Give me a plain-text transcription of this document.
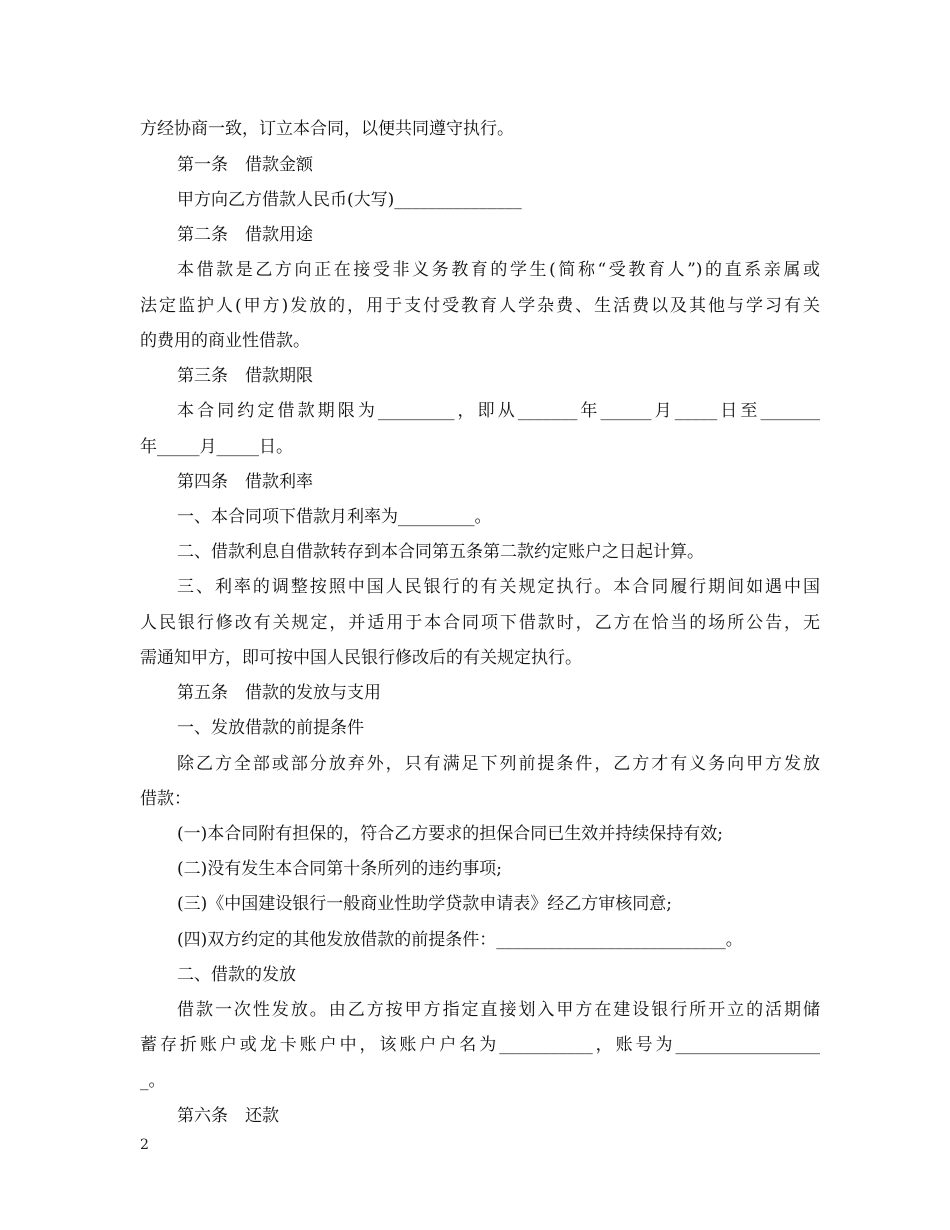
方经协商一致，订立本合同，以便共同遵守执行。
第一条　借款金额
甲方向乙方借款人民币(大写)_______________
第二条　借款用途
本借款是乙方向正在接受非义务教育的学生(简称“受教育人”)的直系亲属或
法定监护人(甲方)发放的，用于支付受教育人学杂费、生活费以及其他与学习有关
的费用的商业性借款。
第三条　借款期限
本合同约定借款期限为_________，即从_______年______月_____日至_______
年_____月_____日。
第四条　借款利率
一、本合同项下借款月利率为_________。
二、借款利息自借款转存到本合同第五条第二款约定账户之日起计算。
三、利率的调整按照中国人民银行的有关规定执行。本合同履行期间如遇中国
人民银行修改有关规定，并适用于本合同项下借款时，乙方在恰当的场所公告，无
需通知甲方，即可按中国人民银行修改后的有关规定执行。
第五条　借款的发放与支用
一、发放借款的前提条件
除乙方全部或部分放弃外，只有满足下列前提条件，乙方才有义务向甲方发放
借款：
(一)本合同附有担保的，符合乙方要求的担保合同已生效并持续保持有效;
(二)没有发生本合同第十条所列的违约事项;
(三)《中国建设银行一般商业性助学贷款申请表》经乙方审核同意;
(四)双方约定的其他发放借款的前提条件：___________________________。
二、借款的发放
借款一次性发放。由乙方按甲方指定直接划入甲方在建设银行所开立的活期储
蓄存折账户或龙卡账户中，该账户户名为___________，账号为_________________
_。
第六条　还款
2
